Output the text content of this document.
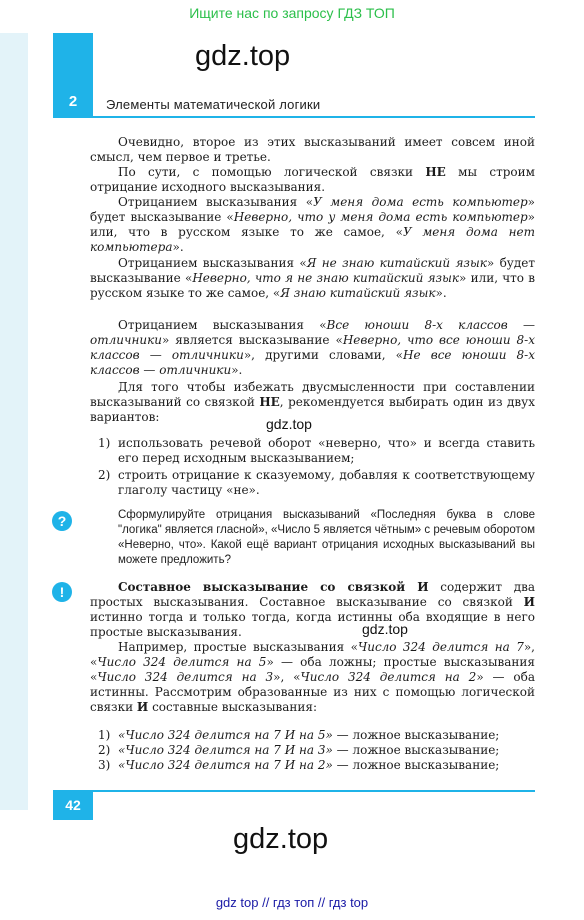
Ищите нас по запросу ГДЗ ТОП
2
gdz.top
Элементы математической логики

Очевидно, второе из этих высказываний имеет совсем иной смысл, чем первое и третье.

По сути, с помощью логической связки НЕ мы строим отрицание исходного высказывания.

Отрицанием высказывания «У меня дома есть компьютер» будет высказывание «Неверно, что у меня дома есть компьютер» или, что в русском языке то же самое, «У меня дома нет компьютера».

Отрицанием высказывания «Я не знаю китайский язык» будет высказывание «Неверно, что я не знаю китайский язык» или, что в русском языке то же самое, «Я знаю китайский язык».

Отрицанием высказывания «Все юноши 8-х классов — отличники» является высказывание «Неверно, что все юноши 8-х классов — отличники», другими словами, «Не все юноши 8-х классов — отличники».

Для того чтобы избежать двусмысленности при составлении высказываний со связкой НЕ, рекомендуется выбирать один из двух вариантов:	gdz.top
1) использовать речевой оборот «неверно, что» и всегда ставить его перед исходным высказыванием;
2) строить отрицание к сказуемому, добавляя к соответствующему глаголу частицу «не».
?	Сформулируйте отрицания высказываний «Последняя буква в слове "логика" является гласной», «Число 5 является чётным» с речевым оборотом «Неверно, что». Какой ещё вариант отрицания исходных высказываний вы можете предложить?
!	Составное высказывание со связкой И содержит два простых высказывания. Составное высказывание со связкой И истинно тогда и только тогда, когда истинны оба входящие в него простые высказывания.	gdz.top

Например, простые высказывания «Число 324 делится на 7», «Число 324 делится на 5» — оба ложны; простые высказывания «Число 324 делится на 3», «Число 324 делится на 2» — оба истинны. Рассмотрим образованные из них с помощью логической связки И составные высказывания:

1) «Число 324 делится на 7 И на 5» — ложное высказывание;
2) «Число 324 делится на 7 И на 3» — ложное высказывание;
3) «Число 324 делится на 7 И на 2» — ложное высказывание;
42
gdz.top
gdz top // гдз топ // гдз top
